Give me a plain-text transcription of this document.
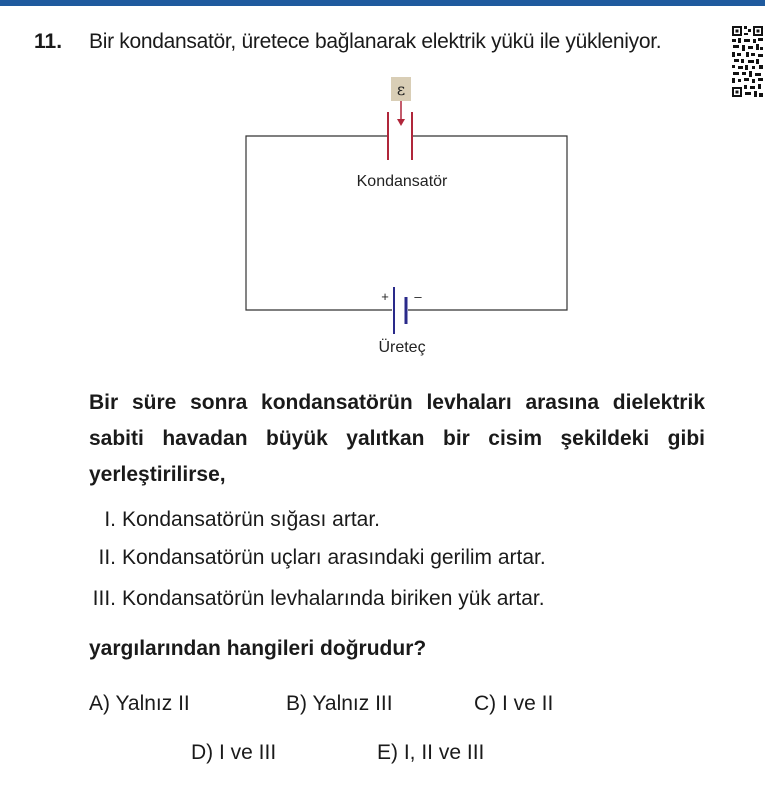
11. Bir kondansatör, üretece bağlanarak elektrik yükü ile yükleniyor.
ε
Kondansatör
+ –
Üreteç
Bir süre sonra kondansatörün levhaları arasına dielektrik sabiti havadan büyük yalıtkan bir cisim şekildeki gibi yerleştirilirse,
I. Kondansatörün sığası artar.
II. Kondansatörün uçları arasındaki gerilim artar.
III. Kondansatörün levhalarında biriken yük artar.
yargılarından hangileri doğrudur?
A) Yalnız II	B) Yalnız III	C) I ve II
D) I ve III	E) I, II ve III
